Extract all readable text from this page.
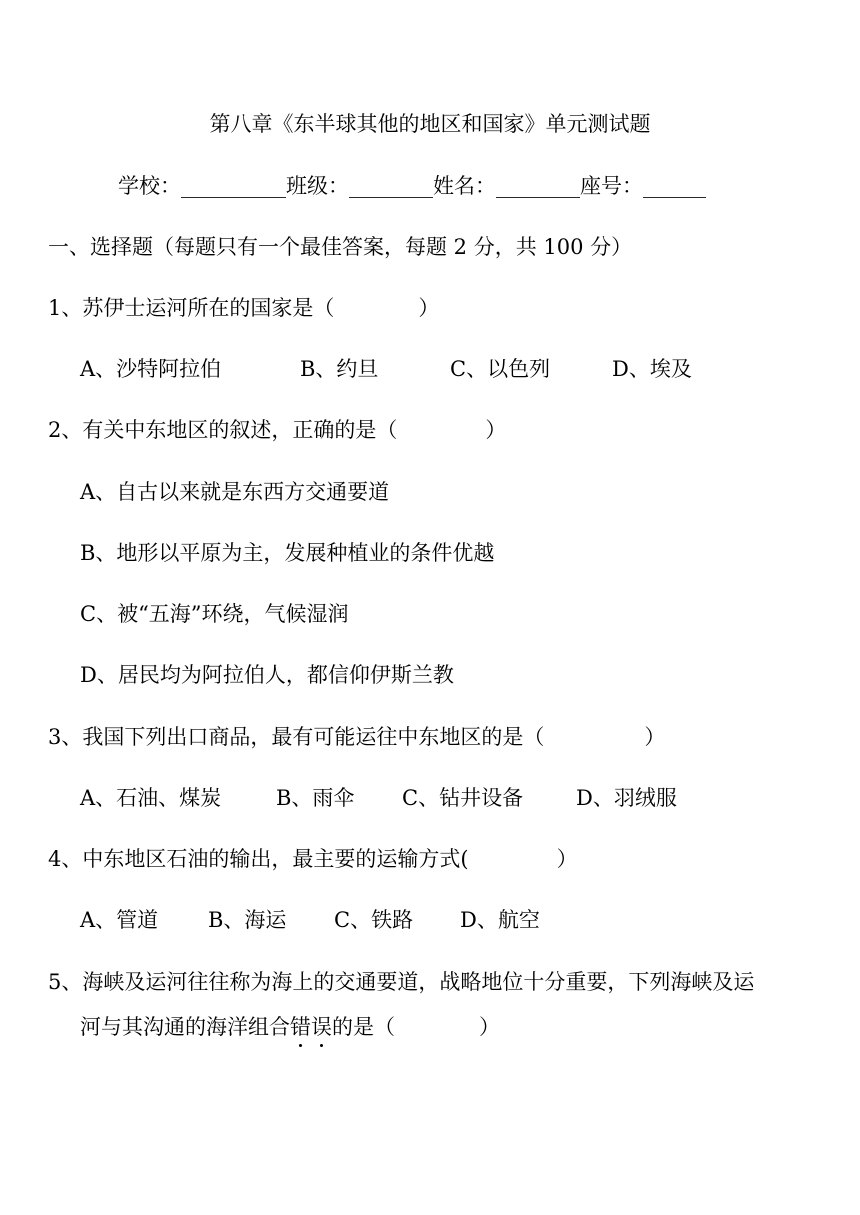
第八章《东半球其他的地区和国家》单元测试题
学校：__________班级：________姓名：________座号：______
一、选择题（每题只有一个最佳答案，每题 2 分，共 100 分）
1、苏伊士运河所在的国家是（	）
A、沙特阿拉伯	B、约旦	C、以色列	D、埃及
2、有关中东地区的叙述，正确的是（	）
A、自古以来就是东西方交通要道
B、地形以平原为主，发展种植业的条件优越
C、被“五海”环绕，气候湿润
D、居民均为阿拉伯人，都信仰伊斯兰教
3、我国下列出口商品，最有可能运往中东地区的是（	）
A、石油、煤炭	B、雨伞 C、钻井设备	D、羽绒服
4、中东地区石油的输出，最主要的运输方式(	）
A、管道 B、海运 C、铁路 D、航空
5、海峡及运河往往称为海上的交通要道，战略地位十分重要，下列海峡及运
河与其沟通的海洋组合错误的是（	）
